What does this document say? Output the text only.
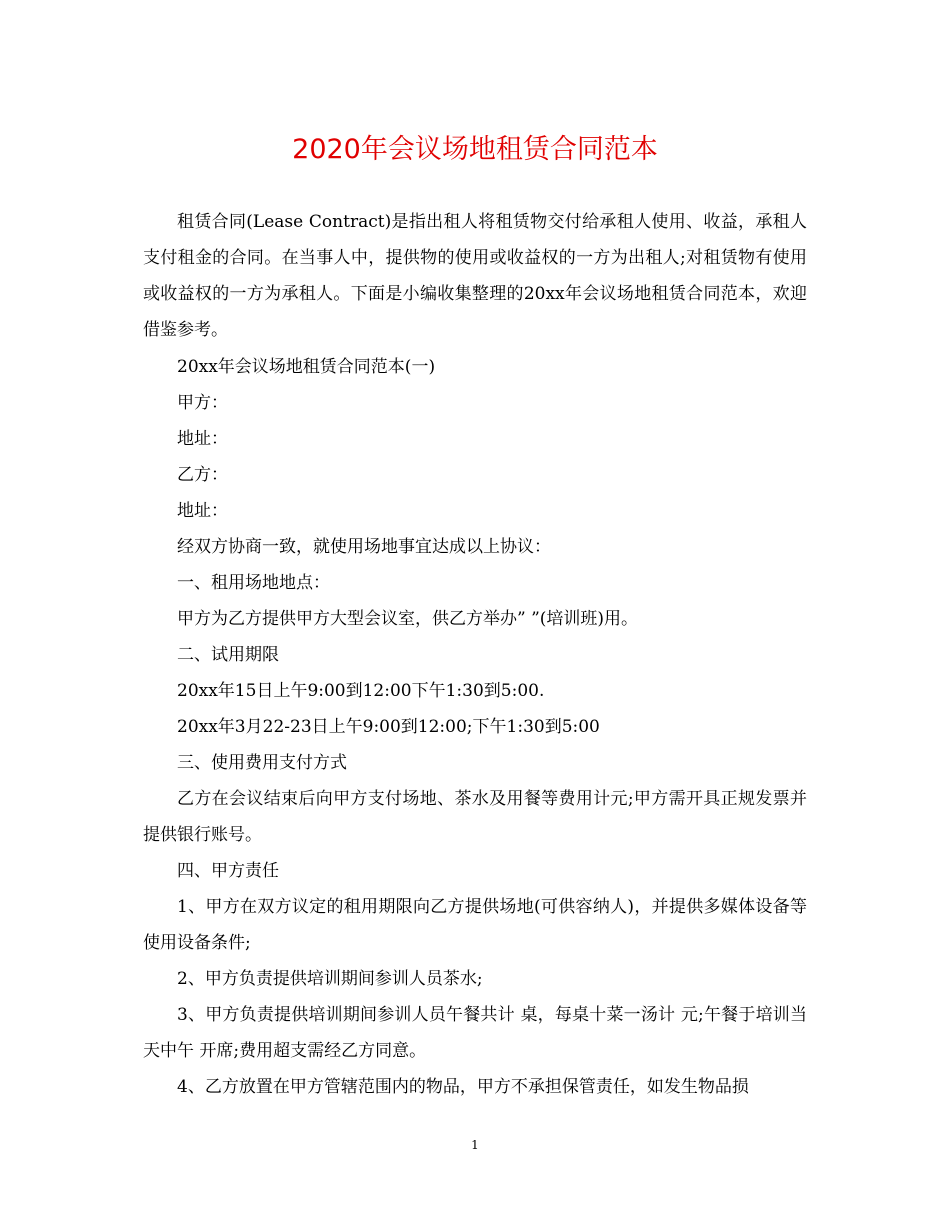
2020年会议场地租赁合同范本

租赁合同(Lease Contract)是指出租人将租赁物交付给承租人使用、收益，承租人支付租金的合同。在当事人中，提供物的使用或收益权的一方为出租人;对租赁物有使用或收益权的一方为承租人。下面是小编收集整理的20xx年会议场地租赁合同范本，欢迎借鉴参考。

20xx年会议场地租赁合同范本(一)

甲方：

地址：

乙方：

地址：

经双方协商一致，就使用场地事宜达成以上协议：

一、租用场地地点：

甲方为乙方提供甲方大型会议室，供乙方举办” ”(培训班)用。

二、试用期限

20xx年15日上午9:00到12:00下午1:30到5:00.

20xx年3月22-23日上午9:00到12:00;下午1:30到5:00

三、使用费用支付方式

乙方在会议结束后向甲方支付场地、茶水及用餐等费用计元;甲方需开具正规发票并提供银行账号。

四、甲方责任

1、甲方在双方议定的租用期限向乙方提供场地(可供容纳人)，并提供多媒体设备等使用设备条件;

2、甲方负责提供培训期间参训人员茶水;

3、甲方负责提供培训期间参训人员午餐共计 桌，每桌十菜一汤计 元;午餐于培训当天中午 开席;费用超支需经乙方同意。

4、乙方放置在甲方管辖范围内的物品，甲方不承担保管责任，如发生物品损

1
